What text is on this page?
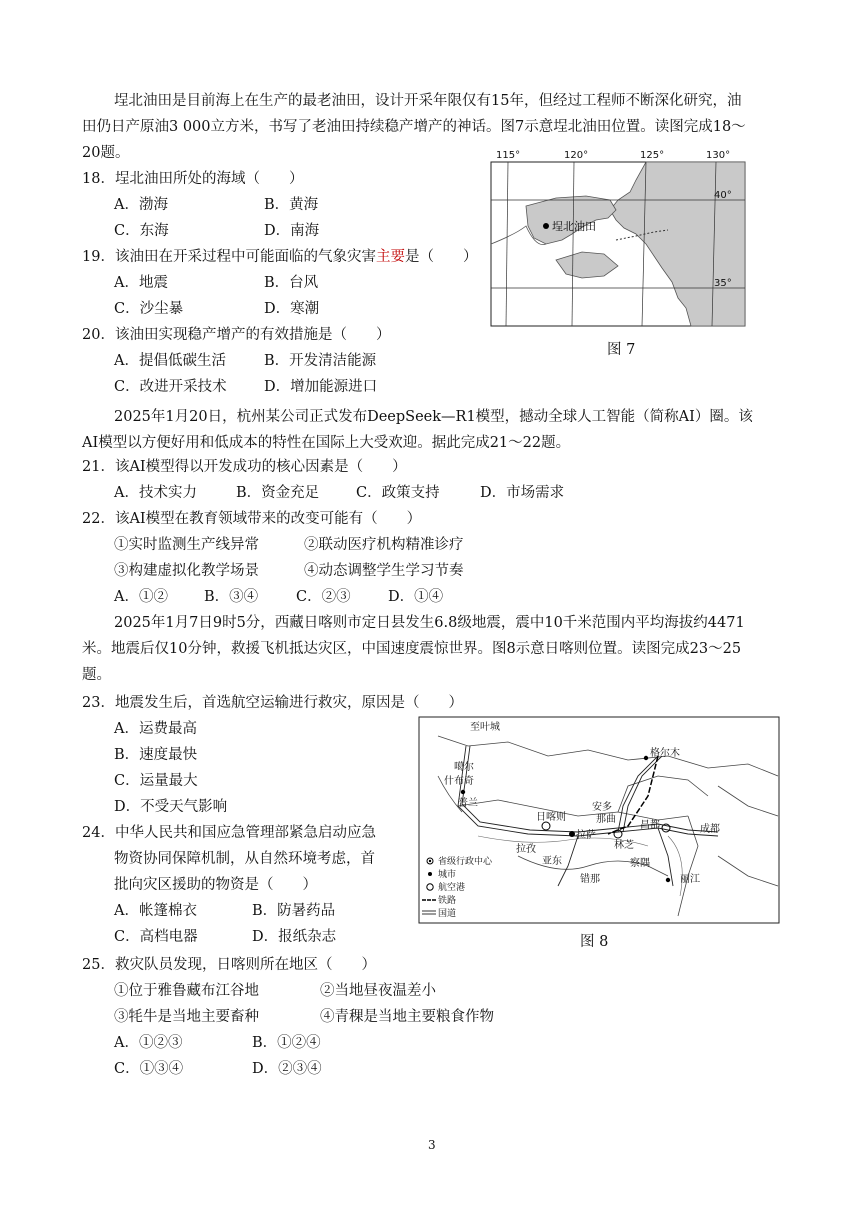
埕北油田是目前海上在生产的最老油田，设计开采年限仅有15年，但经过工程师不断深化研究，油
田仍日产原油3 000立方米，书写了老油田持续稳产增产的神话。图7示意埕北油田位置。读图完成18～
20题。
18．埕北油田所处的海域（　　）
A．渤海	B．黄海
C．东海	D．南海
19．该油田在开采过程中可能面临的气象灾害主要是（　　）
A．地震	B．台风
C．沙尘暴	D．寒潮
20．该油田实现稳产增产的有效措施是（　　）
A．提倡低碳生活	B．开发清洁能源
C．改进开采技术	D．增加能源进口
115°	120°	125°	130°
40°
35°
埕北油田
图 7
2025年1月20日，杭州某公司正式发布DeepSeek—R1模型，撼动全球人工智能（简称AI）圈。该
AI模型以方便好用和低成本的特性在国际上大受欢迎。据此完成21～22题。
21．该AI模型得以开发成功的核心因素是（　　）
A．技术实力	B．资金充足	C．政策支持	D．市场需求
22．该AI模型在教育领域带来的改变可能有（　　）
①实时监测生产线异常	②联动医疗机构精准诊疗
③构建虚拟化教学场景	④动态调整学生学习节奏
A．①② B．③④	C．②③	D．①④
2025年1月7日9时5分，西藏日喀则市定日县发生6.8级地震，震中10千米范围内平均海拔约4471
米。地震后仅10分钟，救援飞机抵达灾区，中国速度震惊世界。图8示意日喀则位置。读图完成23～25
题。
23．地震发生后，首选航空运输进行救灾，原因是（　　）
A．运费最高
B．速度最快
C．运量最大
D．不受天气影响
24．中华人民共和国应急管理部紧急启动应急
物资协同保障机制，从自然环境考虑，首
批向灾区援助的物资是（　　）
A．帐篷棉衣	B．防暑药品
C．高档电器	D．报纸杂志
至叶城
格尔木
噶尔
什布奇
普兰
日喀则
安多
那曲
昌都
拉萨
林芝
成都
拉孜
亚东
错那
察隅
丽江
省级行政中心
城市
航空港
铁路
国道
图 8
25．救灾队员发现，日喀则所在地区（　　）
①位于雅鲁藏布江谷地	②当地昼夜温差小
③牦牛是当地主要畜种	④青稞是当地主要粮食作物
A．①②③	B．①②④
C．①③④	D．②③④
3
